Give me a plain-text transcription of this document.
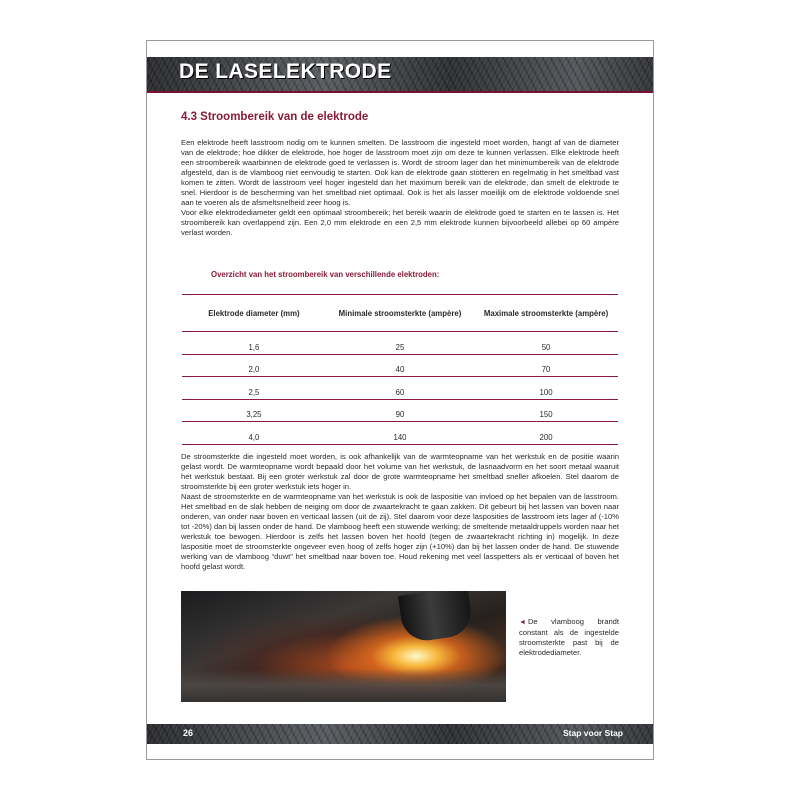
DE LASELEKTRODE
4.3 Stroombereik van de elektrode

Een elektrode heeft lasstroom nodig om te kunnen smelten. De lasstroom die ingesteld moet worden, hangt af van de diameter van de elektrode; hoe dikker de elektrode, hoe hoger de lasstroom moet zijn om deze te kunnen verlassen. Elke elektrode heeft een stroombereik waarbinnen de elektrode goed te verlassen is. Wordt de stroom lager dan het minimumbereik van de elektrode afgesteld, dan is de vlamboog niet eenvoudig te starten. Ook kan de elektrode gaan stotteren en regelmatig in het smeltbad vast komen te zitten. Wordt de lasstroom veel hoger ingesteld dan het maximum bereik van de elektrode, dan smelt de elektrode te snel. Hierdoor is de bescherming van het smeltbad niet optimaal. Ook is het als lasser moeilijk om de elektrode voldoende snel aan te voeren als de afsmeltsnelheid zeer hoog is.

Voor elke elektrodediameter geldt een optimaal stroombereik; het bereik waarin de elektrode goed te starten en te lassen is. Het stroombereik kan overlappend zijn. Een 2,0 mm elektrode en een 2,5 mm elektrode kunnen bijvoorbeeld allebei op 60 ampère verlast worden.

Overzicht van het stroombereik van verschillende elektroden:
Elektrode diameter (mm)	Minimale stroomsterkte (ampère)	Maximale stroomsterkte (ampère)
1,6	25	50
2,0	40	70
2,5	60	100
3,25	90	150
4,0	140	200

De stroomsterkte die ingesteld moet worden, is ook afhankelijk van de warmteopname van het werkstuk en de positie waarin gelast wordt. De warmteopname wordt bepaald door het volume van het werkstuk, de lasnaadvorm en het soort metaal waaruit het werkstuk bestaat. Bij een groter werkstuk zal door de grote warmteopname het smeltbad sneller afkoelen. Stel daarom de stroomsterkte bij een groter werkstuk iets hoger in.

Naast de stroomsterkte en de warmteopname van het werkstuk is ook de laspositie van invloed op het bepalen van de lasstroom. Het smeltbad en de slak hebben de neiging om door de zwaartekracht te gaan zakken. Dit gebeurt bij het lassen van boven naar onderen, van onder naar boven en verticaal lassen (uit de zij). Stel daarom voor deze lasposities de lasstroom iets lager af (-10% tot -20%) dan bij lassen onder de hand. De vlamboog heeft een stuwende werking; de smeltende metaaldruppels worden naar het werkstuk toe bewogen. Hierdoor is zelfs het lassen boven het hoofd (tegen de zwaartekracht richting in) mogelijk. In deze laspositie moet de stroomsterkte ongeveer even hoog of zelfs hoger zijn (+10%) dan bij het lassen onder de hand. De stuwende werking van de vlamboog “duwt” het smeltbad naar boven toe. Houd rekening met veel lasspetters als er verticaal of boven het hoofd gelast wordt.

◄ De vlamboog brandt constant als de ingestelde stroomsterkte past bij de elektrodediameter.

26	Stap voor Stap
